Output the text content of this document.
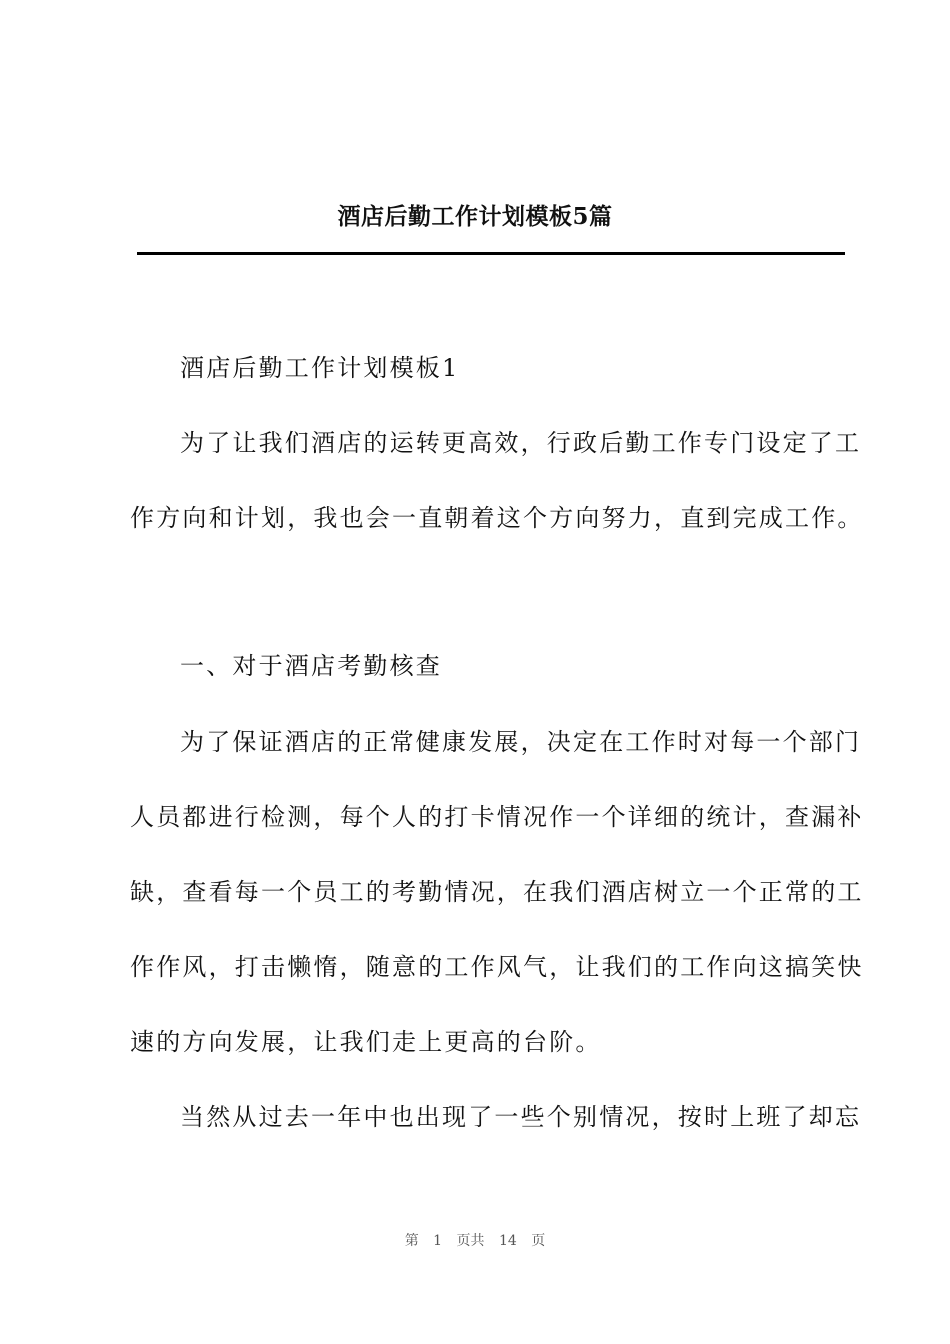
酒店后勤工作计划模板5篇

酒店后勤工作计划模板1

为了让我们酒店的运转更高效，行政后勤工作专门设定了工

作方向和计划，我也会一直朝着这个方向努力，直到完成工作。

一、对于酒店考勤核查

为了保证酒店的正常健康发展，决定在工作时对每一个部门

人员都进行检测，每个人的打卡情况作一个详细的统计，查漏补

缺，查看每一个员工的考勤情况，在我们酒店树立一个正常的工

作作风，打击懒惰，随意的工作风气，让我们的工作向这搞笑快

速的方向发展，让我们走上更高的台阶。

当然从过去一年中也出现了一些个别情况，按时上班了却忘

第 1 页共 14 页
